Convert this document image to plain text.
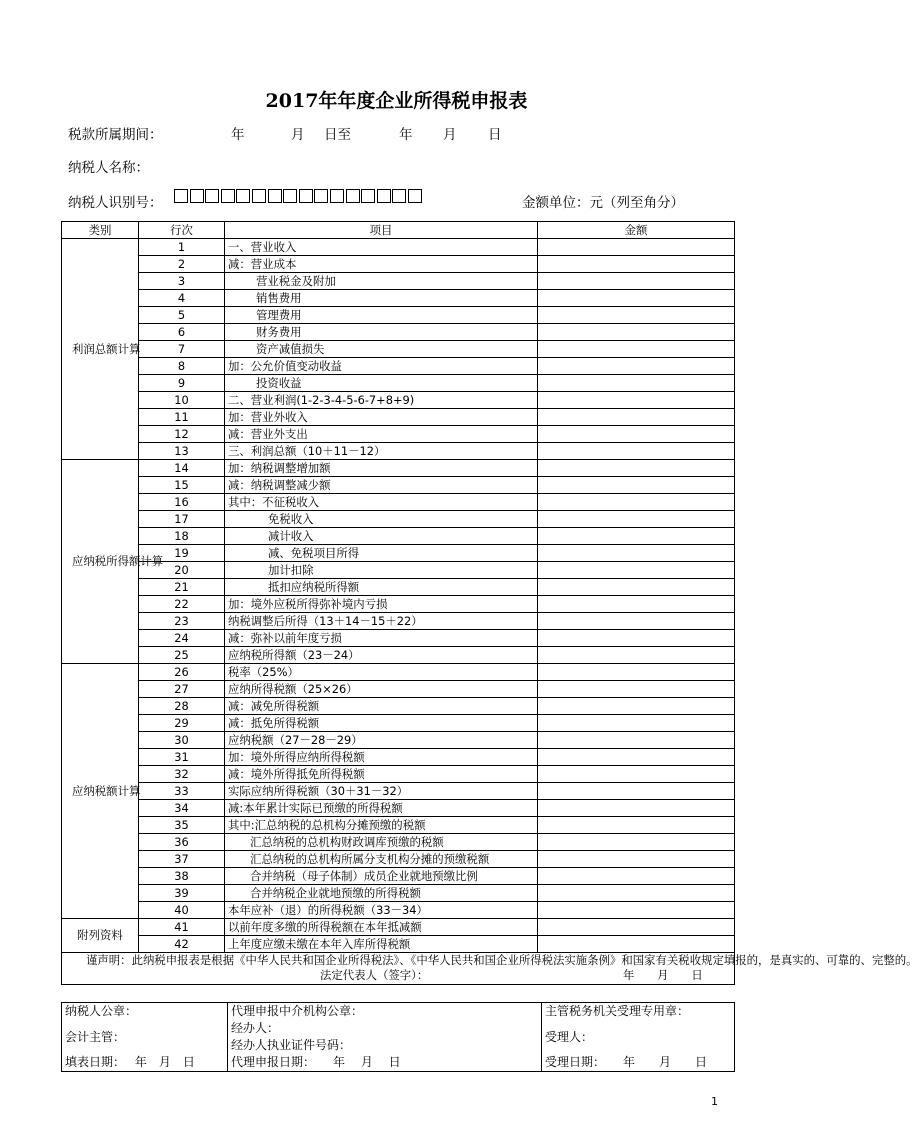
2017年年度企业所得税申报表
税款所属期间：	年	月 日至	年 月 日
纳税人名称：
纳税人识别号：	金额单位：元（列至角分）
类别	行次	项目	金额
利润总额计算	1	一、营业收入	
	2	减：营业成本	
	3	营业税金及附加	
	4	销售费用	
	5	管理费用	
	6	财务费用	
	7	资产减值损失	
	8	加：公允价值变动收益	
	9	投资收益	
	10	二、营业利润(1-2-3-4-5-6-7+8+9)	
	11	加：营业外收入	
	12	减：营业外支出	
	13	三、利润总额（10＋11－12）	
应纳税所得额计算	14	加：纳税调整增加额	
	15	减：纳税调整减少额	
	16	其中：不征税收入	
	17	免税收入	
	18	减计收入	
	19	减、免税项目所得	
	20	加计扣除	
	21	抵扣应纳税所得额	
	22	加：境外应税所得弥补境内亏损	
	23	纳税调整后所得（13＋14－15＋22）	
	24	减：弥补以前年度亏损	
	25	应纳税所得额（23－24）	
应纳税额计算	26	税率（25%）	
	27	应纳所得税额（25×26）	
	28	减：减免所得税额	
	29	减：抵免所得税额	
	30	应纳税额（27－28－29）	
	31	加：境外所得应纳所得税额	
	32	减：境外所得抵免所得税额	
	33	实际应纳所得税额（30＋31－32）	
	34	减:本年累计实际已预缴的所得税额	
	35	其中:汇总纳税的总机构分摊预缴的税额	
	36	汇总纳税的总机构财政调库预缴的税额	
	37	汇总纳税的总机构所属分支机构分摊的预缴税额	
	38	合并纳税（母子体制）成员企业就地预缴比例	
	39	合并纳税企业就地预缴的所得税额	
	40	本年应补（退）的所得税额（33－34）	
附列资料	41	以前年度多缴的所得税额在本年抵减额	
	42	上年度应缴未缴在本年入库所得税额	

谨声明：此纳税申报表是根据《中华人民共和国企业所得税法》、《中华人民共和国企业所得税法实施条例》和国家有关税收规定填报的，是真实的、可靠的、完整的。
法定代表人（签字）： 年　　月　　日			
纳税人公章：
会计主管：
填表日期：　 年　月　日

代理申报中介机构公章：
经办人：
经办人执业证件号码：
代理申报日期：　　年　 月　 日

主管税务机关受理专用章：
受理人：
受理日期：　　年　　月　　日
1
